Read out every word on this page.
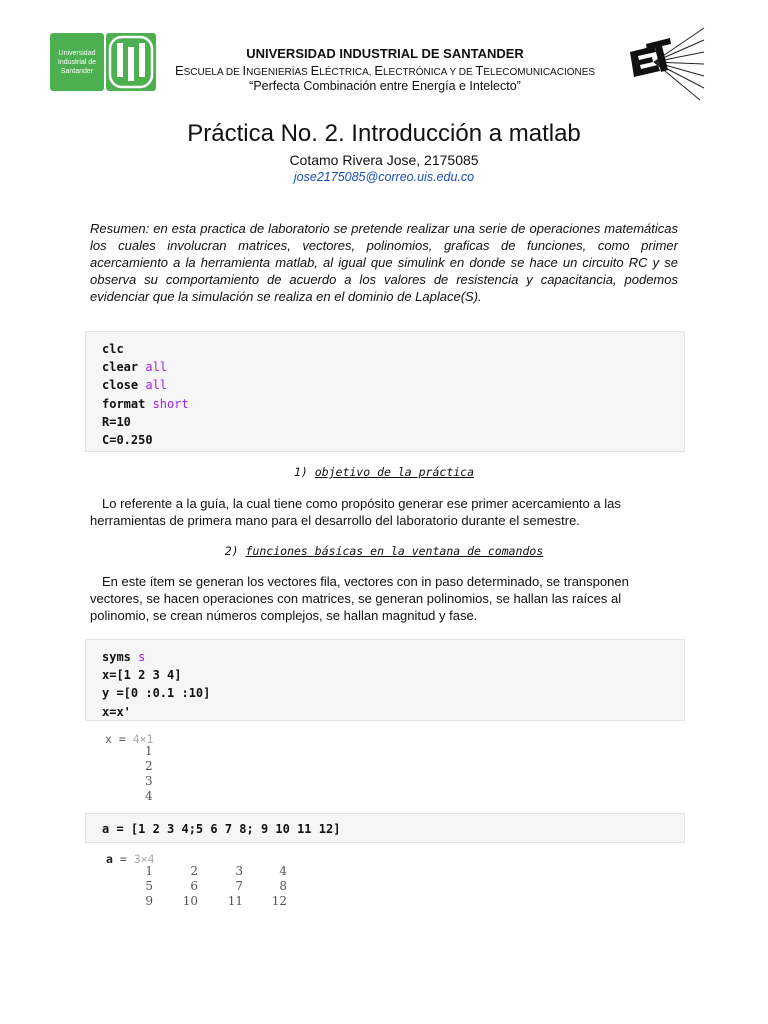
Universidad Industrial de Santander
UNIVERSIDAD INDUSTRIAL DE SANTANDER
ESCUELA DE INGENIERÍAS ELÉCTRICA, ELECTRÓNICA Y DE TELECOMUNICACIONES
“Perfecta Combinación entre Energía e Intelecto”
Práctica No. 2. Introducción a matlab
Cotamo Rivera Jose, 2175085
jose2175085@correo.uis.edu.co

Resumen: en esta practica de laboratorio se pretende realizar una serie de operaciones matemáticas los cuales involucran matrices, vectores, polinomios, graficas de funciones, como primer acercamiento a la herramienta matlab, al igual que simulink en donde se hace un circuito RC y se observa su comportamiento de acuerdo a los valores de resistencia y capacitancia, podemos evidenciar que la simulación se realiza en el dominio de Laplace(S).

clc
clear all
close all
format short
R=10
C=0.250
1) objetivo de la práctica

Lo referente a la guía, la cual tiene como propósito generar ese primer acercamiento a las herramientas de primera mano para el desarrollo del laboratorio durante el semestre.

2) funciones básicas en la ventana de comandos

En este ítem se generan los vectores fila, vectores con in paso determinado, se transponen vectores, se hacen operaciones con matrices, se generan polinomios, se hallan las raíces al polinomio, se crean números complejos, se hallan magnitud y fase.

syms s
x=[1 2 3 4]
y =[0 :0.1 :10]
x=x'
x = 4×1
1
2
3
4
a = [1 2 3 4;5 6 7 8; 9 10 11 12]
a = 3×4
1	2	3	4
5	6	7	8
9	10	11	12
